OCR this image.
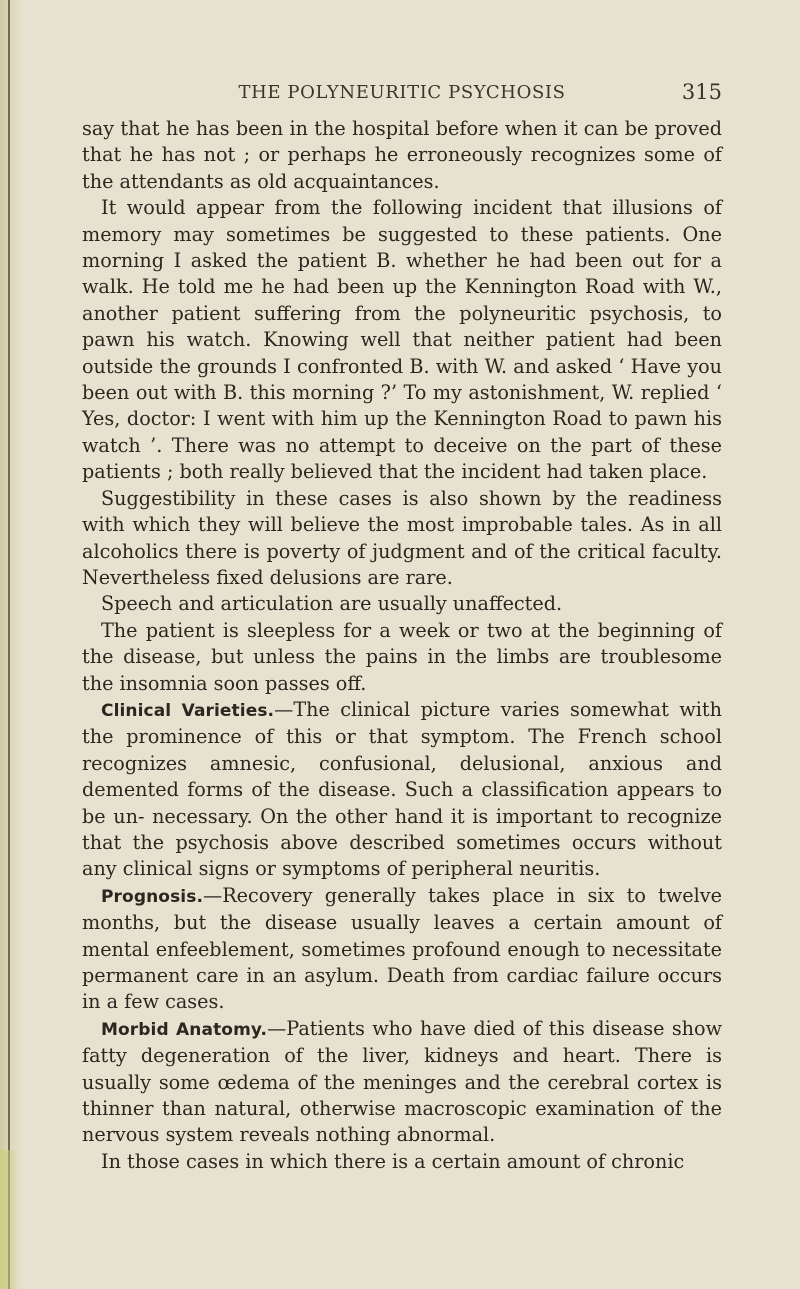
THE POLYNEURITIC PSYCHOSIS	315

say that he has been in the hospital before when it can be proved that he has not ; or perhaps he erroneously recognizes some of the attendants as old acquaintances.

It would appear from the following incident that illusions of memory may sometimes be suggested to these patients. One morning I asked the patient B. whether he had been out for a walk. He told me he had been up the Kennington Road with W., another patient suffering from the polyneuritic psychosis, to pawn his watch. Knowing well that neither patient had been outside the grounds I confronted B. with W. and asked ‘ Have you been out with B. this morning ?’ To my astonishment, W. replied ‘ Yes, doctor: I went with him up the Kennington Road to pawn his watch ’. There was no attempt to deceive on the part of these patients ; both really believed that the incident had taken place.

Suggestibility in these cases is also shown by the readiness with which they will believe the most improbable tales. As in all alcoholics there is poverty of judgment and of the critical faculty. Nevertheless fixed delusions are rare.

Speech and articulation are usually unaffected.

The patient is sleepless for a week or two at the beginning of the disease, but unless the pains in the limbs are troublesome the insomnia soon passes off.

Clinical Varieties.—The clinical picture varies somewhat with the prominence of this or that symptom. The French school recognizes amnesic, confusional, delusional, anxious and demented forms of the disease. Such a classification appears to be un- necessary. On the other hand it is important to recognize that the psychosis above described sometimes occurs without any clinical signs or symptoms of peripheral neuritis.

Prognosis.—Recovery generally takes place in six to twelve months, but the disease usually leaves a certain amount of mental enfeeblement, sometimes profound enough to necessitate permanent care in an asylum. Death from cardiac failure occurs in a few cases.

Morbid Anatomy.—Patients who have died of this disease show fatty degeneration of the liver, kidneys and heart. There is usually some œdema of the meninges and the cerebral cortex is thinner than natural, otherwise macroscopic examination of the nervous system reveals nothing abnormal.

In those cases in which there is a certain amount of chronic
